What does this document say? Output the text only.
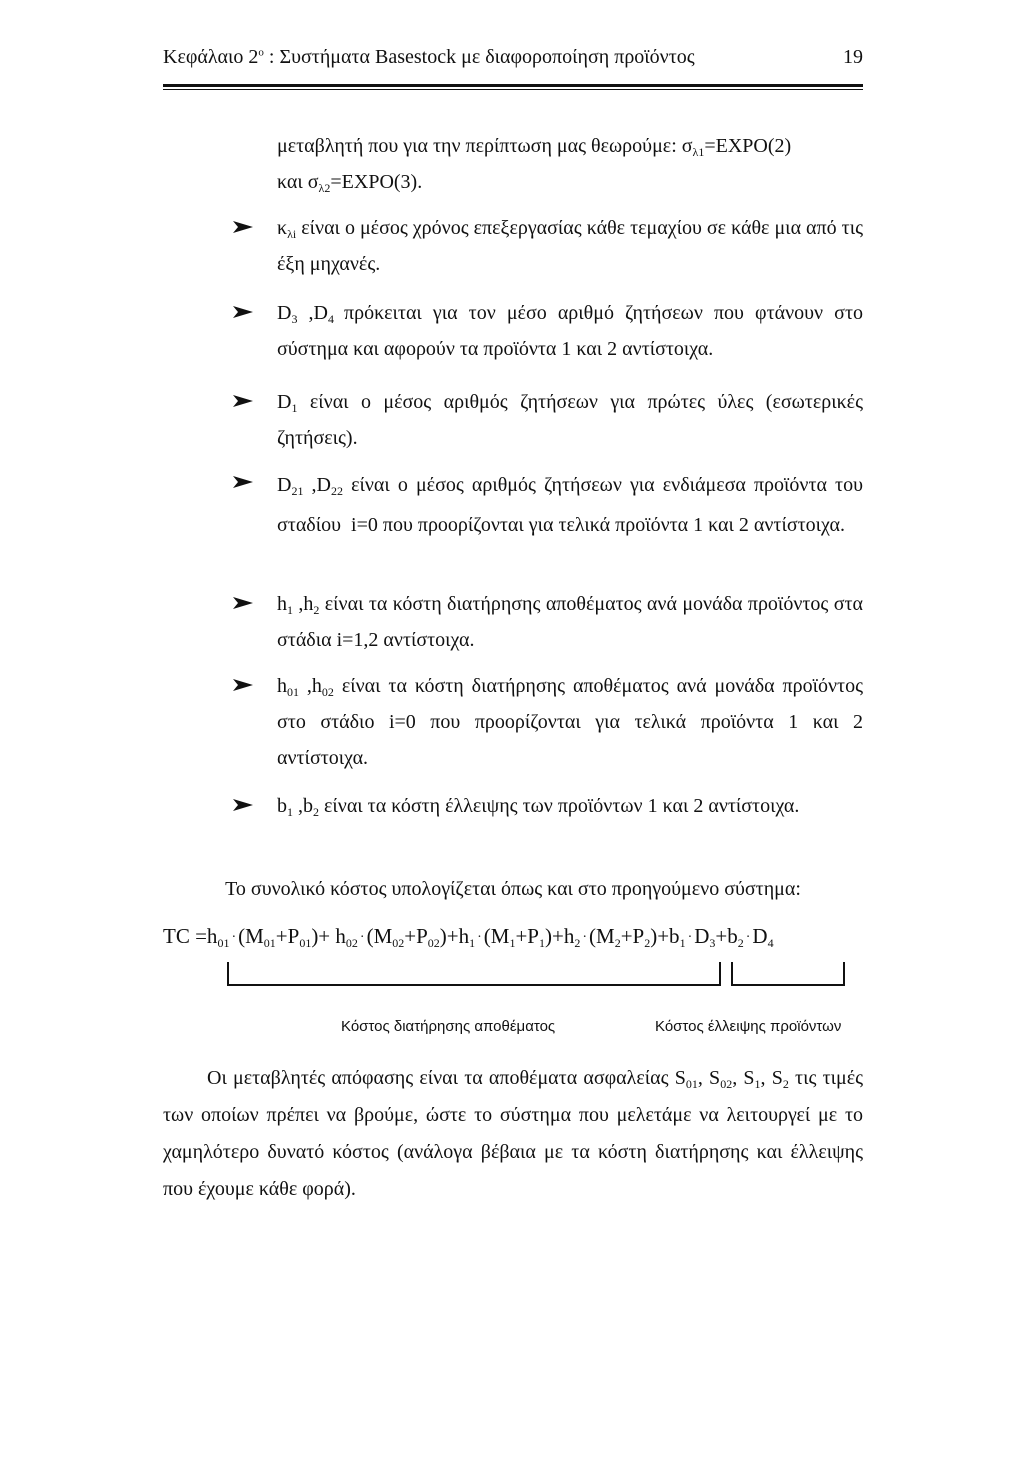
Κεφάλαιο $2^o$ : Συστήματα Basestock με διαφοροποίηση προϊόντος	19
μεταβλητή που για την περίπτωση μας θεωρούμε: $\sigma_{\lambda 1}=EXPO(2)$
και $\sigma_{\lambda 2}=EXPO(3)$.
$\kappa_{\lambda i}$ είναι ο μέσος χρόνος επεξεργασίας κάθε τεμαχίου σε κάθε μια από τις έξη μηχανές.
$D_3$ $,D_4$ πρόκειται για τον μέσο αριθμό ζητήσεων που φτάνουν στο σύστημα και αφορούν τα προϊόντα 1 και 2 αντίστοιχα.
$D_1$ είναι ο μέσος αριθμός ζητήσεων για πρώτες ύλες (εσωτερικές ζητήσεις).
$D_{21}$ $,D_{22}$ είναι ο μέσος αριθμός ζητήσεων για ενδιάμεσα προϊόντα του σταδίου i=0 που προορίζονται για τελικά προϊόντα 1 και 2 αντίστοιχα.
$h_1$ $,h_2$ είναι τα κόστη διατήρησης αποθέματος ανά μονάδα προϊόντος στα στάδια i=1,2 αντίστοιχα.
$h_{01}$ $,h_{02}$ είναι τα κόστη διατήρησης αποθέματος ανά μονάδα προϊόντος στο στάδιο i=0 που προορίζονται για τελικά προϊόντα 1 και 2 αντίστοιχα.
$b_1$ $,b_2$ είναι τα κόστη έλλειψης των προϊόντων 1 και 2 αντίστοιχα.
Το συνολικό κόστος υπολογίζεται όπως και στο προηγούμενο σύστημα:
TC $=h_{01} \cdot(M_{01}+P_{01})+ h_{02} \cdot(M_{02}+P_{02})+h_1 \cdot(M_1+P_1)+h_2 \cdot(M_2+P_2)+b_1 \cdot D_3+b_2 \cdot D_4$
Κόστος διατήρησης αποθέματος	Κόστος έλλειψης προϊόντων
Οι μεταβλητές απόφασης είναι τα αποθέματα ασφαλείας $S_{01}$, $S_{02}$, $S_1$, $S_2$ τις τιμές των οποίων πρέπει να βρούμε, ώστε το σύστημα που μελετάμε να λειτουργεί με το χαμηλότερο δυνατό κόστος (ανάλογα βέβαια με τα κόστη διατήρησης και έλλειψης που έχουμε κάθε φορά).
